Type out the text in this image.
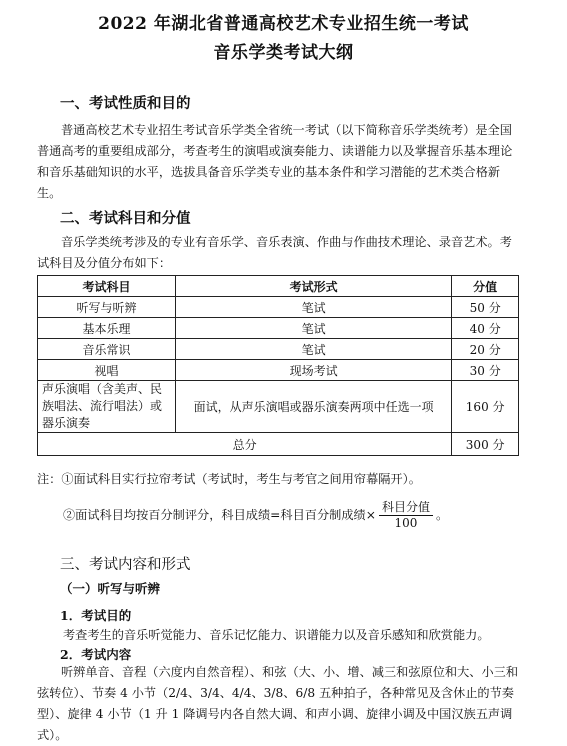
2022 年湖北省普通高校艺术专业招生统一考试
音乐学类考试大纲
一、考试性质和目的
普通高校艺术专业招生考试音乐学类全省统一考试（以下简称音乐学类统考）是全国普通高考的重要组成部分，考查考生的演唱或演奏能力、读谱能力以及掌握音乐基本理论和音乐基础知识的水平，选拔具备音乐学类专业的基本条件和学习潜能的艺术类合格新生。
二、考试科目和分值
音乐学类统考涉及的专业有音乐学、音乐表演、作曲与作曲技术理论、录音艺术。考试科目及分值分布如下：
考试科目	考试形式	分值
听写与听辨	笔试	50 分
基本乐理	笔试	40 分
音乐常识	笔试	20 分
视唱	现场考试	30 分
声乐演唱（含美声、民族唱法、流行唱法）或器乐演奏	面试，从声乐演唱或器乐演奏两项中任选一项	160 分
总分		300 分
注：①面试科目实行拉帘考试（考试时，考生与考官之间用帘幕隔开）。
②面试科目均按百分制评分，科目成绩=科目百分制成绩× $\frac{\text{科目分值}}{100}$ 。
三、考试内容和形式
（一）听写与听辨
1．考试目的
考查考生的音乐听觉能力、音乐记忆能力、识谱能力以及音乐感知和欣赏能力。
2．考试内容
听辨单音、音程（六度内自然音程）、和弦（大、小、增、减三和弦原位和大、小三和弦转位）、节奏 4 小节（2/4、3/4、4/4、3/8、6/8 五种拍子，各种常见及含休止的节奏型）、旋律 4 小节（1 升 1 降调号内各自然大调、和声小调、旋律小调及中国汉族五声调式）。
